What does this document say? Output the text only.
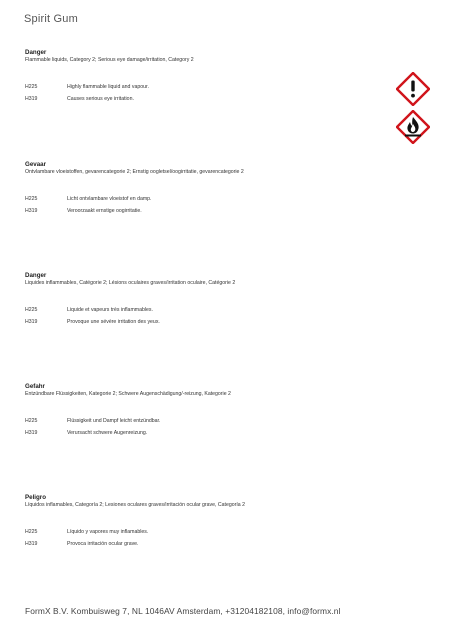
Spirit Gum
Danger
Flammable liquids, Category 2; Serious eye damage/irritation, Category 2
H225	Highly flammable liquid and vapour.
H319	Causes serious eye irritation.
Gevaar
Ontvlambare vloeistoffen, gevarencategorie 2; Ernstig oogletsel/oogirritatie, gevarencategorie 2
H225	Licht ontvlambare vloeistof en damp.
H319	Veroorzaakt ernstige oogirritatie.
Danger
Liquides inflammables, Catégorie 2; Lésions oculaires graves/irritation oculaire, Catégorie 2
H225	Liquide et vapeurs très inflammables.
H319	Provoque une sévère irritation des yeux.
Gefahr
Entzündbare Flüssigkeiten, Kategorie 2; Schwere Augenschädigung/-reizung, Kategorie 2
H225	Flüssigkeit und Dampf leicht entzündbar.
H319	Verursacht schwere Augenreizung.
Peligro
Líquidos inflamables, Categoría 2; Lesiones oculares graves/irritación ocular grave, Categoría 2
H225	Líquido y vapores muy inflamables.
H319	Provoca irritación ocular grave.
FormX B.V. Kombuisweg 7, NL 1046AV Amsterdam, +31204182108, info@formx.nl
